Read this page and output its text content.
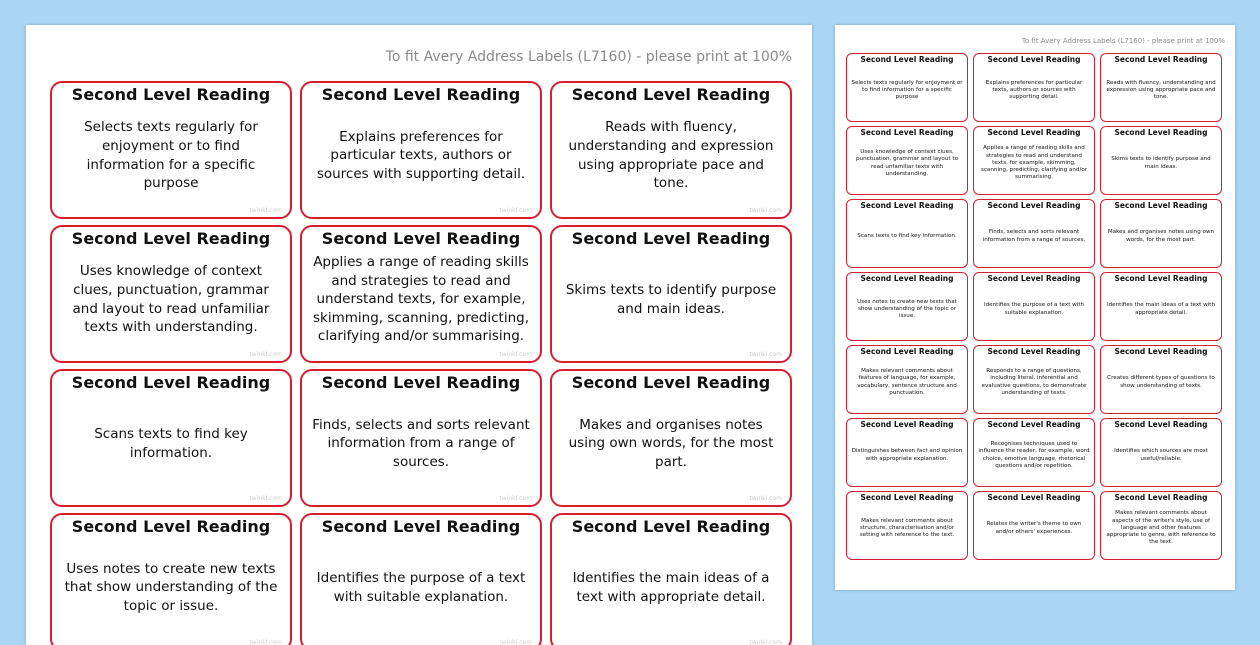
To fit Avery Address Labels (L7160) - please print at 100%
Second Level Reading
Selects texts regularly for enjoyment or to find information for a specific purpose
twinkl.com
Second Level Reading
Explains preferences for particular texts, authors or sources with supporting detail.
twinkl.com
Second Level Reading
Reads with fluency, understanding and expression using appropriate pace and tone.
twinkl.com
Second Level Reading
Uses knowledge of context clues, punctuation, grammar and layout to read unfamiliar texts with understanding.
twinkl.com
Second Level Reading
Applies a range of reading skills and strategies to read and understand texts, for example, skimming, scanning, predicting, clarifying and/or summarising.
twinkl.com
Second Level Reading
Skims texts to identify purpose and main ideas.
twinkl.com
Second Level Reading
Scans texts to find key information.
twinkl.com
Second Level Reading
Finds, selects and sorts relevant information from a range of sources.
twinkl.com
Second Level Reading
Makes and organises notes using own words, for the most part.
twinkl.com
Second Level Reading
Uses notes to create new texts that show understanding of the topic or issue.
twinkl.com
Second Level Reading
Identifies the purpose of a text with suitable explanation.
twinkl.com
Second Level Reading
Identifies the main ideas of a text with appropriate detail.
twinkl.com
To fit Avery Address Labels (L7160) - please print at 100%
Second Level Reading
Selects texts regularly for enjoyment or to find information for a specific purpose
Second Level Reading
Explains preferences for particular texts, authors or sources with supporting detail.
Second Level Reading
Reads with fluency, understanding and expression using appropriate pace and tone.
Second Level Reading
Uses knowledge of context clues, punctuation, grammar and layout to read unfamiliar texts with understanding.
Second Level Reading
Applies a range of reading skills and strategies to read and understand texts, for example, skimming, scanning, predicting, clarifying and/or summarising.
Second Level Reading
Skims texts to identify purpose and main ideas.
Second Level Reading
Scans texts to find key information.
Second Level Reading
Finds, selects and sorts relevant information from a range of sources.
Second Level Reading
Makes and organises notes using own words, for the most part.
Second Level Reading
Uses notes to create new texts that show understanding of the topic or issue.
Second Level Reading
Identifies the purpose of a text with suitable explanation.
Second Level Reading
Identifies the main ideas of a text with appropriate detail.
Second Level Reading
Makes relevant comments about features of language, for example, vocabulary, sentence structure and punctuation.
Second Level Reading
Responds to a range of questions, including literal, inferential and evaluative questions, to demonstrate understanding of texts.
Second Level Reading
Creates different types of questions to show understanding of texts.
Second Level Reading
Distinguishes between fact and opinion with appropriate explanation.
Second Level Reading
Recognises techniques used to influence the reader, for example, word choice, emotive language, rhetorical questions and/or repetition.
Second Level Reading
Identifies which sources are most useful/reliable.
Second Level Reading
Makes relevant comments about structure, characterisation and/or setting with reference to the text.
Second Level Reading
Relates the writer's theme to own and/or others' experiences.
Second Level Reading
Makes relevant comments about aspects of the writer's style, use of language and other features appropriate to genre, with reference to the text.
